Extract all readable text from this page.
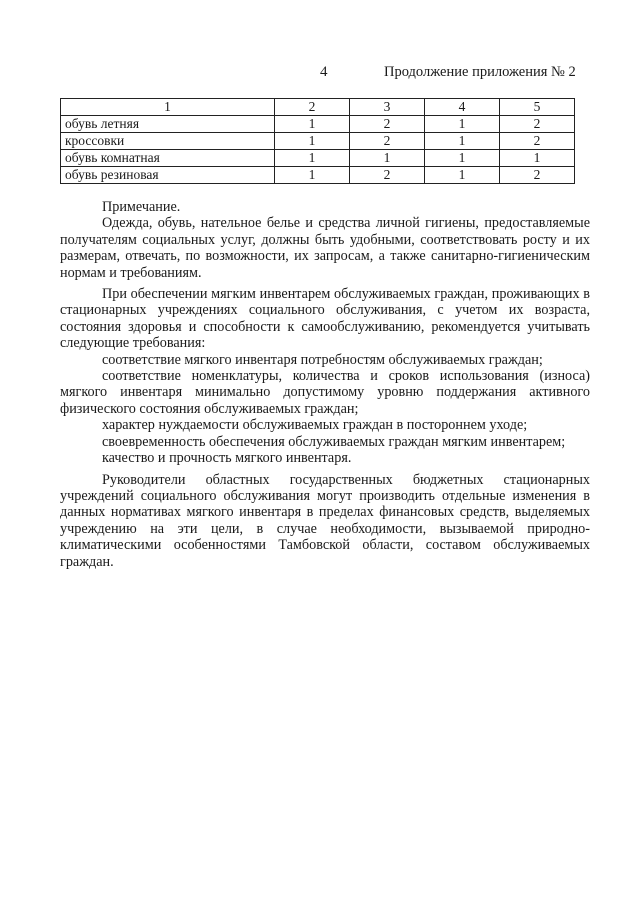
4	Продолжение приложения № 2
1	2	3	4	5
обувь летняя	1	2	1	2
кроссовки	1	2	1	2
обувь комнатная	1	1	1	1
обувь резиновая	1	2	1	2

Примечание.

Одежда, обувь, нательное белье и средства личной гигиены, предоставляемые получателям социальных услуг, должны быть удобными, соответствовать росту и их размерам, отвечать, по возможности, их запросам, а также санитарно-гигиеническим нормам и требованиям.

При обеспечении мягким инвентарем обслуживаемых граждан, проживающих в стационарных учреждениях социального обслуживания, с учетом их возраста, состояния здоровья и способности к самообслуживанию, рекомендуется учитывать следующие требования:

соответствие мягкого инвентаря потребностям обслуживаемых граждан;

соответствие номенклатуры, количества и сроков использования (износа) мягкого инвентаря минимально допустимому уровню поддержания активного физического состояния обслуживаемых граждан;

характер нуждаемости обслуживаемых граждан в постороннем уходе;

своевременность обеспечения обслуживаемых граждан мягким инвентарем;

качество и прочность мягкого инвентаря.

Руководители областных государственных бюджетных стационарных учреждений социального обслуживания могут производить отдельные изменения в данных нормативах мягкого инвентаря в пределах финансовых средств, выделяемых учреждению на эти цели, в случае необходимости, вызываемой природно-климатическими особенностями Тамбовской области, составом обслуживаемых граждан.
